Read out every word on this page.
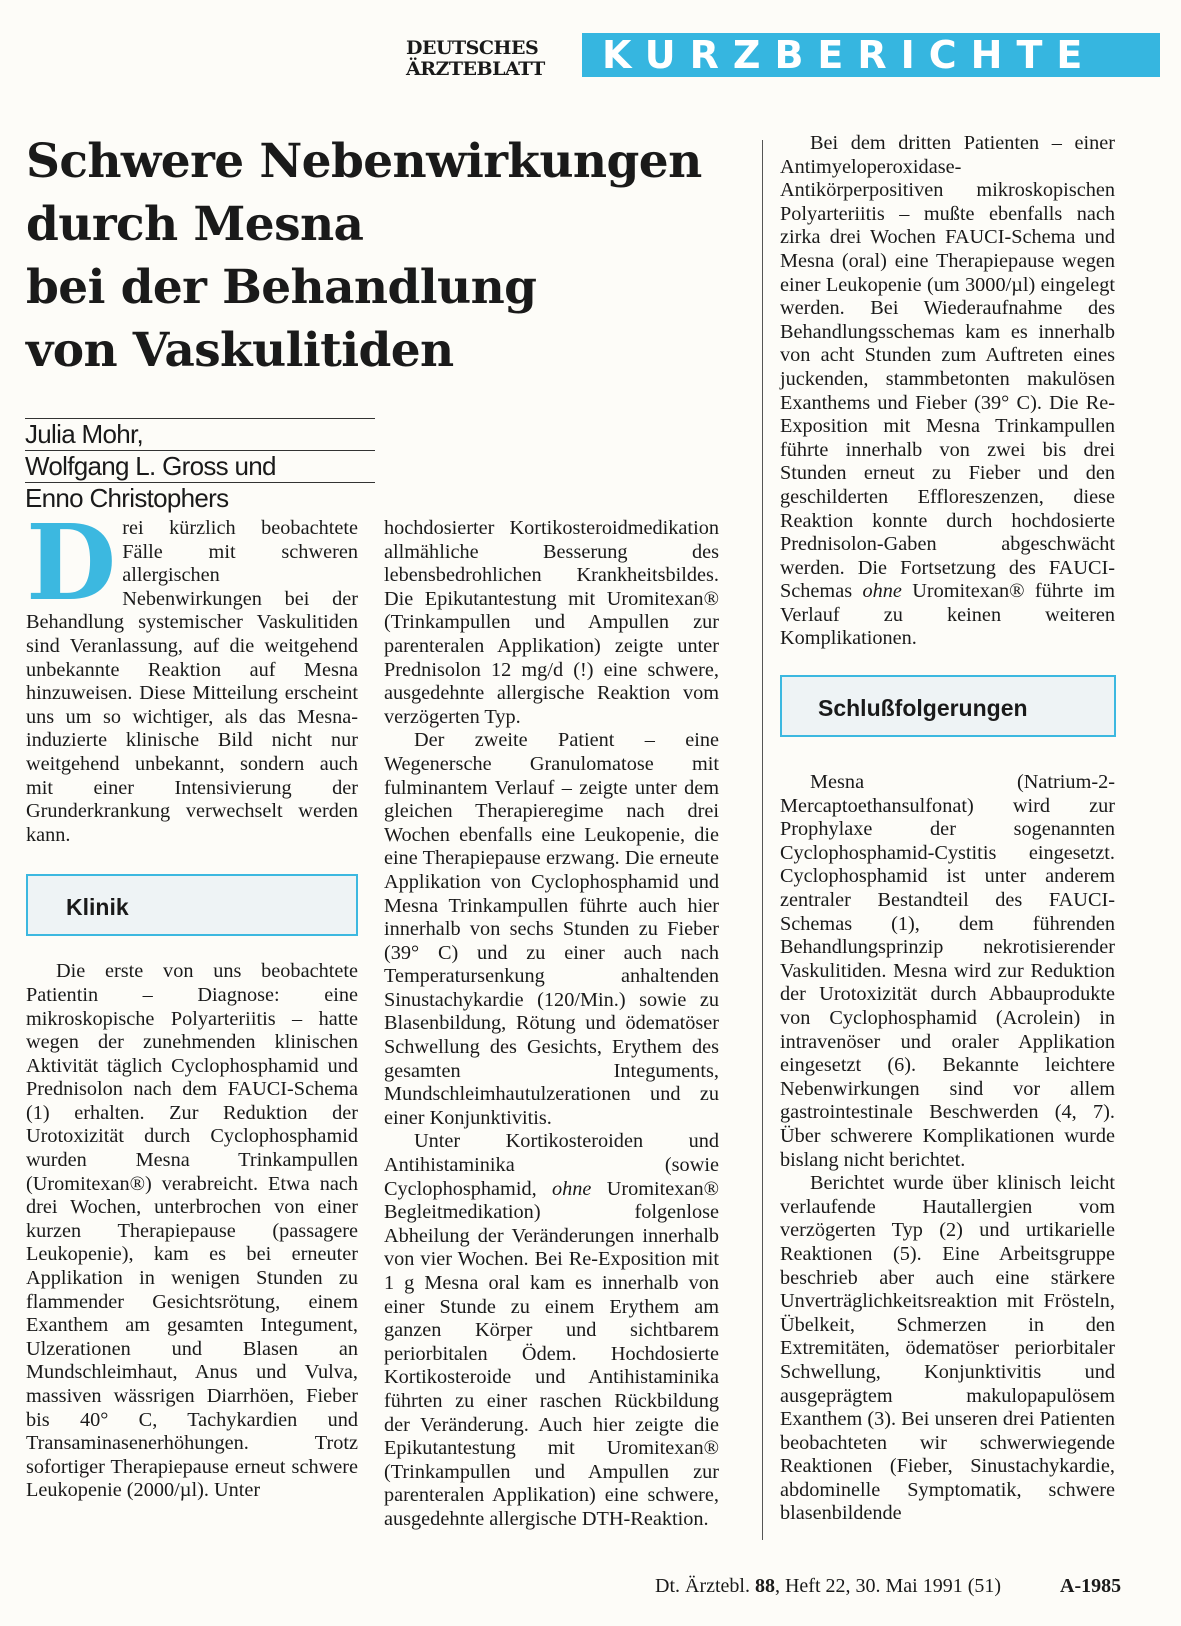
DEUTSCHES
ÄRZTEBLATT	KURZBERICHTE
Schwere Nebenwirkungen
durch Mesna
bei der Behandlung
von Vaskulitiden
Julia Mohr,
Wolfgang L. Gross und
Enno Christophers

Drei kürzlich beobachtete Fälle mit schweren allergischen Nebenwirkungen bei der Behandlung systemischer Vaskulitiden sind Veranlassung, auf die weitgehend unbekannte Reaktion auf Mesna hinzuweisen. Diese Mitteilung erscheint uns um so wichtiger, als das Mesna-induzierte klinische Bild nicht nur weitgehend unbekannt, sondern auch mit einer Intensivierung der Grunderkrankung verwechselt werden kann.

Klinik

Die erste von uns beobachtete Patientin – Diagnose: eine mikroskopische Polyarteriitis – hatte wegen der zunehmenden klinischen Aktivität täglich Cyclophosphamid und Prednisolon nach dem FAUCI-Schema (1) erhalten. Zur Reduktion der Urotoxizität durch Cyclophosphamid wurden Mesna Trinkampullen (Uromitexan®) verabreicht. Etwa nach drei Wochen, unterbrochen von einer kurzen Therapiepause (passagere Leukopenie), kam es bei erneuter Applikation in wenigen Stunden zu flammender Gesichtsrötung, einem Exanthem am gesamten Integument, Ulzerationen und Blasen an Mundschleimhaut, Anus und Vulva, massiven wässrigen Diarrhöen, Fieber bis 40° C, Tachykardien und Transaminasenerhöhungen. Trotz sofortiger Therapiepause erneut schwere Leukopenie (2000/µl). Unter

hochdosierter Kortikosteroidmedikation allmähliche Besserung des lebensbedrohlichen Krankheitsbildes. Die Epikutantestung mit Uromitexan® (Trinkampullen und Ampullen zur parenteralen Applikation) zeigte unter Prednisolon 12 mg/d (!) eine schwere, ausgedehnte allergische Reaktion vom verzögerten Typ.

Der zweite Patient – eine Wegenersche Granulomatose mit fulminantem Verlauf – zeigte unter dem gleichen Therapieregime nach drei Wochen ebenfalls eine Leukopenie, die eine Therapiepause erzwang. Die erneute Applikation von Cyclophosphamid und Mesna Trinkampullen führte auch hier innerhalb von sechs Stunden zu Fieber (39° C) und zu einer auch nach Temperatursenkung anhaltenden Sinustachykardie (120/Min.) sowie zu Blasenbildung, Rötung und ödematöser Schwellung des Gesichts, Erythem des gesamten Integuments, Mundschleimhautulzerationen und zu einer Konjunktivitis.

Unter Kortikosteroiden und Antihistaminika (sowie Cyclophosphamid, ohne Uromitexan® Begleitmedikation) folgenlose Abheilung der Veränderungen innerhalb von vier Wochen. Bei Re-Exposition mit 1 g Mesna oral kam es innerhalb von einer Stunde zu einem Erythem am ganzen Körper und sichtbarem periorbitalen Ödem. Hochdosierte Kortikosteroide und Antihistaminika führten zu einer raschen Rückbildung der Veränderung. Auch hier zeigte die Epikutantestung mit Uromitexan® (Trinkampullen und Ampullen zur parenteralen Applikation) eine schwere, ausgedehnte allergische DTH-Reaktion.

Bei dem dritten Patienten – einer Antimyeloperoxidase-Antikörperpositiven mikroskopischen Polyarteriitis – mußte ebenfalls nach zirka drei Wochen FAUCI-Schema und Mesna (oral) eine Therapiepause wegen einer Leukopenie (um 3000/µl) eingelegt werden. Bei Wiederaufnahme des Behandlungsschemas kam es innerhalb von acht Stunden zum Auftreten eines juckenden, stammbetonten makulösen Exanthems und Fieber (39° C). Die Re-Exposition mit Mesna Trinkampullen führte innerhalb von zwei bis drei Stunden erneut zu Fieber und den geschilderten Effloreszenzen, diese Reaktion konnte durch hochdosierte Prednisolon-Gaben abgeschwächt werden. Die Fortsetzung des FAUCI-Schemas ohne Uromitexan® führte im Verlauf zu keinen weiteren Komplikationen.

Schlußfolgerungen

Mesna (Natrium-2-Mercaptoethansulfonat) wird zur Prophylaxe der sogenannten Cyclophosphamid-Cystitis eingesetzt. Cyclophosphamid ist unter anderem zentraler Bestandteil des FAUCI-Schemas (1), dem führenden Behandlungsprinzip nekrotisierender Vaskulitiden. Mesna wird zur Reduktion der Urotoxizität durch Abbauprodukte von Cyclophosphamid (Acrolein) in intravenöser und oraler Applikation eingesetzt (6). Bekannte leichtere Nebenwirkungen sind vor allem gastrointestinale Beschwerden (4, 7). Über schwerere Komplikationen wurde bislang nicht berichtet.

Berichtet wurde über klinisch leicht verlaufende Hautallergien vom verzögerten Typ (2) und urtikarielle Reaktionen (5). Eine Arbeitsgruppe beschrieb aber auch eine stärkere Unverträglichkeitsreaktion mit Frösteln, Übelkeit, Schmerzen in den Extremitäten, ödematöser periorbitaler Schwellung, Konjunktivitis und ausgeprägtem makulopapulösem Exanthem (3). Bei unseren drei Patienten beobachteten wir schwerwiegende Reaktionen (Fieber, Sinustachykardie, abdominelle Symptomatik, schwere blasenbildende

Dt. Ärztebl. 88, Heft 22, 30. Mai 1991 (51)	A-1985
